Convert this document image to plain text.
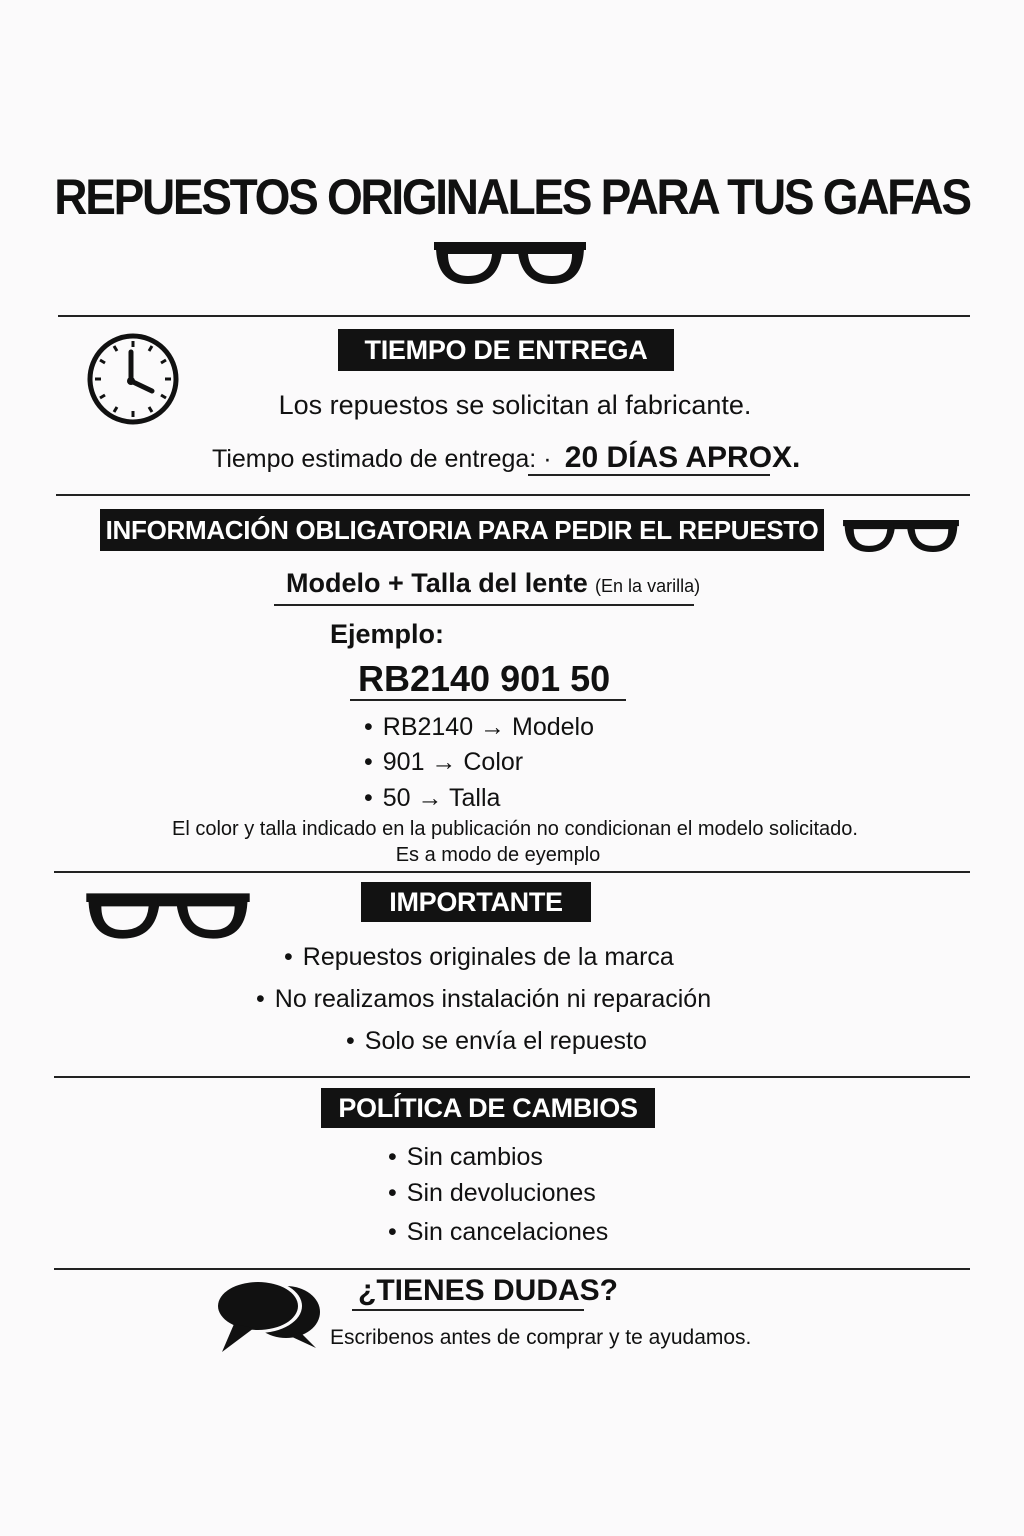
REPUESTOS ORIGINALES PARA TUS GAFAS
TIEMPO DE ENTREGA
Los repuestos se solicitan al fabricante.
Tiempo estimado de entrega: · 20 DÍAS APROX.
INFORMACIÓN OBLIGATORIA PARA PEDIR EL REPUESTO
Modelo + Talla del lente (En la varilla)
Ejemplo:
RB2140 901 50
• RB2140 → Modelo
• 901 → Color
• 50 → Talla
El color y talla indicado en la publicación no condicionan el modelo solicitado.
Es a modo de eyemplo
IMPORTANTE
• Repuestos originales de la marca
• No realizamos instalación ni reparación
• Solo se envía el repuesto
POLÍTICA DE CAMBIOS
• Sin cambios
• Sin devoluciones
• Sin cancelaciones
¿TIENES DUDAS?
Escribenos antes de comprar y te ayudamos.
